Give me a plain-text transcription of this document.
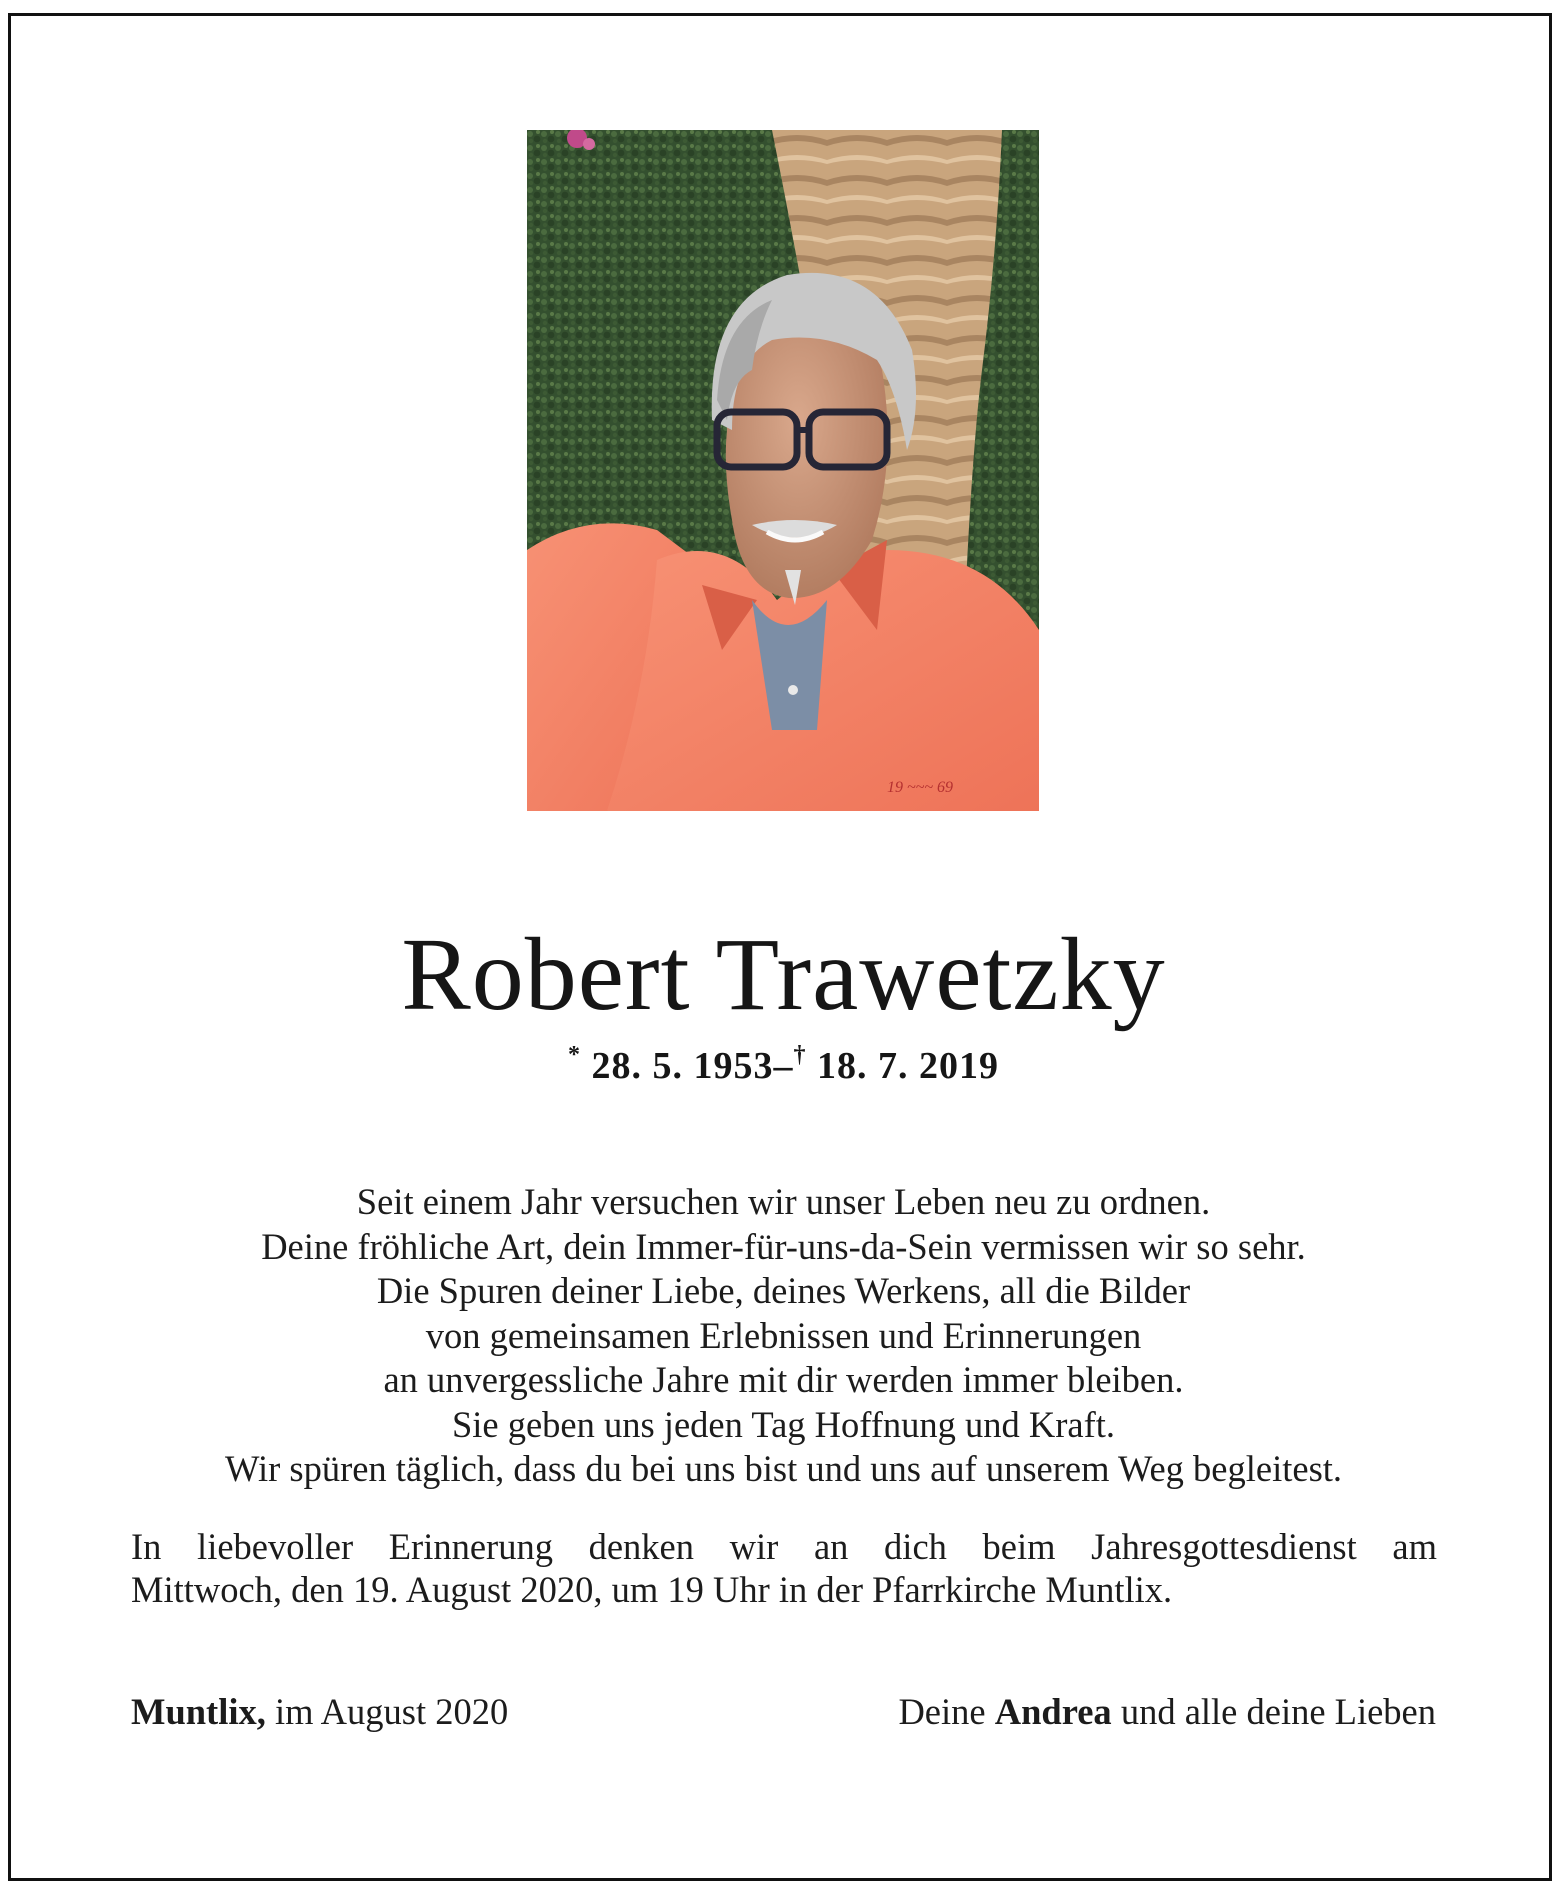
19 ~~~ 69
Robert Trawetzky
* 28. 5. 1953–† 18. 7. 2019
Seit einem Jahr versuchen wir unser Leben neu zu ordnen.
Deine fröhliche Art, dein Immer-für-uns-da-Sein vermissen wir so sehr.
Die Spuren deiner Liebe, deines Werkens, all die Bilder
von gemeinsamen Erlebnissen und Erinnerungen
an unvergessliche Jahre mit dir werden immer bleiben.
Sie geben uns jeden Tag Hoffnung und Kraft.
Wir spüren täglich, dass du bei uns bist und uns auf unserem Weg begleitest.
In liebevoller Erinnerung denken wir an dich beim Jahresgottesdienst am
Mittwoch, den 19. August 2020, um 19 Uhr in der Pfarrkirche Muntlix.
Muntlix, im August 2020	Deine Andrea und alle deine Lieben
